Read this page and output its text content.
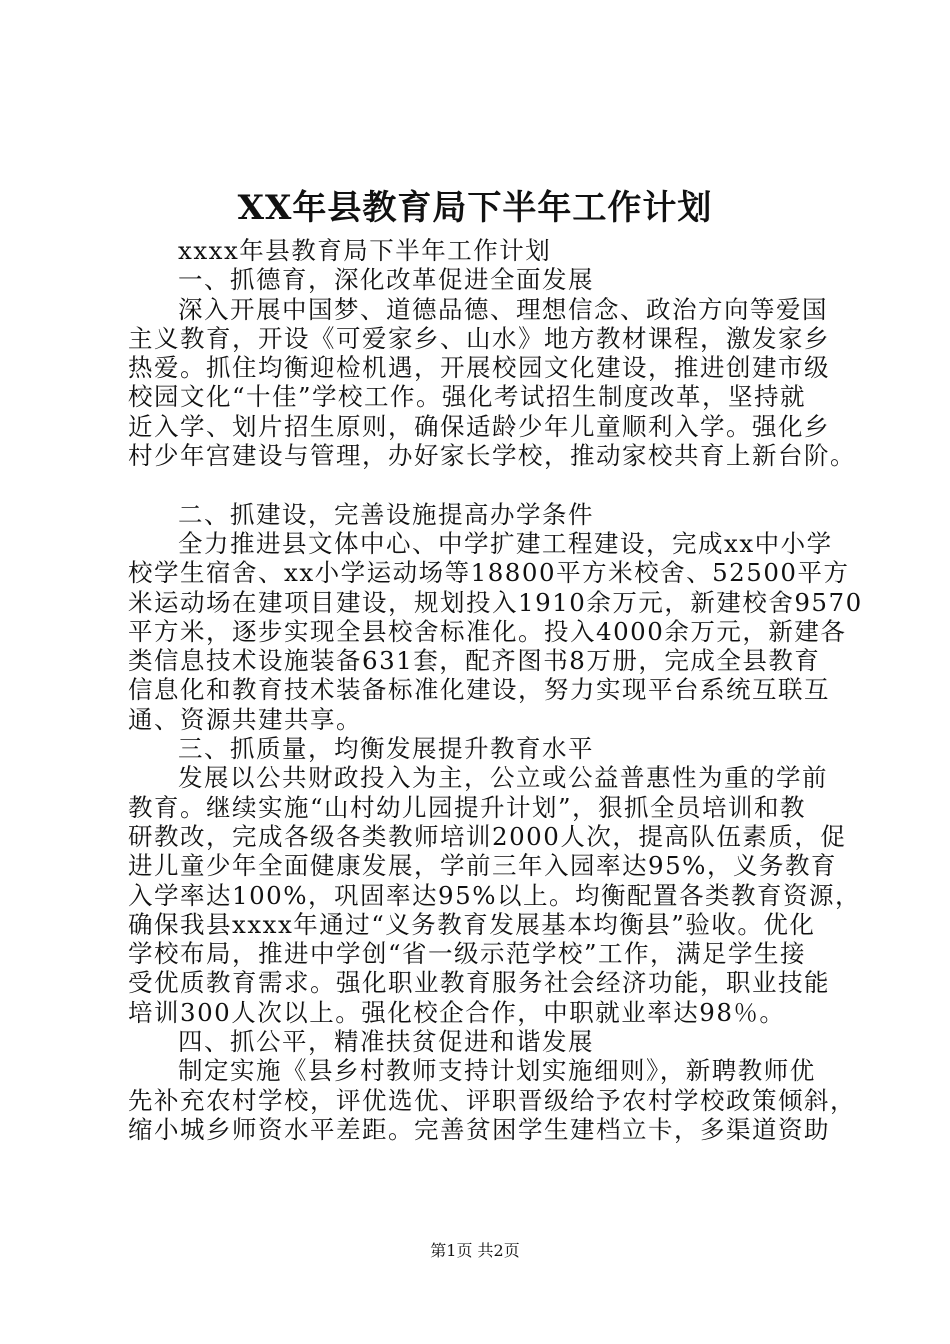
XX年县教育局下半年工作计划
xxxx年县教育局下半年工作计划
一、抓德育，深化改革促进全面发展
深入开展中国梦、道德品德、理想信念、政治方向等爱国
主义教育，开设《可爱家乡、山水》地方教材课程，激发家乡
热爱。抓住均衡迎检机遇，开展校园文化建设，推进创建市级
校园文化“十佳”学校工作。强化考试招生制度改革，坚持就
近入学、划片招生原则，确保适龄少年儿童顺利入学。强化乡
村少年宫建设与管理，办好家长学校，推动家校共育上新台阶。
二、抓建设，完善设施提高办学条件
全力推进县文体中心、中学扩建工程建设，完成xx中小学
校学生宿舍、xx小学运动场等18800平方米校舍、52500平方
米运动场在建项目建设，规划投入1910余万元，新建校舍9570
平方米，逐步实现全县校舍标准化。投入4000余万元，新建各
类信息技术设施装备631套，配齐图书8万册，完成全县教育
信息化和教育技术装备标准化建设，努力实现平台系统互联互
通、资源共建共享。
三、抓质量，均衡发展提升教育水平
发展以公共财政投入为主，公立或公益普惠性为重的学前
教育。继续实施“山村幼儿园提升计划”，狠抓全员培训和教
研教改，完成各级各类教师培训2000人次，提高队伍素质，促
进儿童少年全面健康发展，学前三年入园率达95%，义务教育
入学率达100%，巩固率达95%以上。均衡配置各类教育资源，
确保我县xxxx年通过“义务教育发展基本均衡县”验收。优化
学校布局，推进中学创“省一级示范学校”工作，满足学生接
受优质教育需求。强化职业教育服务社会经济功能，职业技能
培训300人次以上。强化校企合作，中职就业率达98％。
四、抓公平，精准扶贫促进和谐发展
制定实施《县乡村教师支持计划实施细则》，新聘教师优
先补充农村学校，评优选优、评职晋级给予农村学校政策倾斜，
缩小城乡师资水平差距。完善贫困学生建档立卡，多渠道资助
第1页 共2页
